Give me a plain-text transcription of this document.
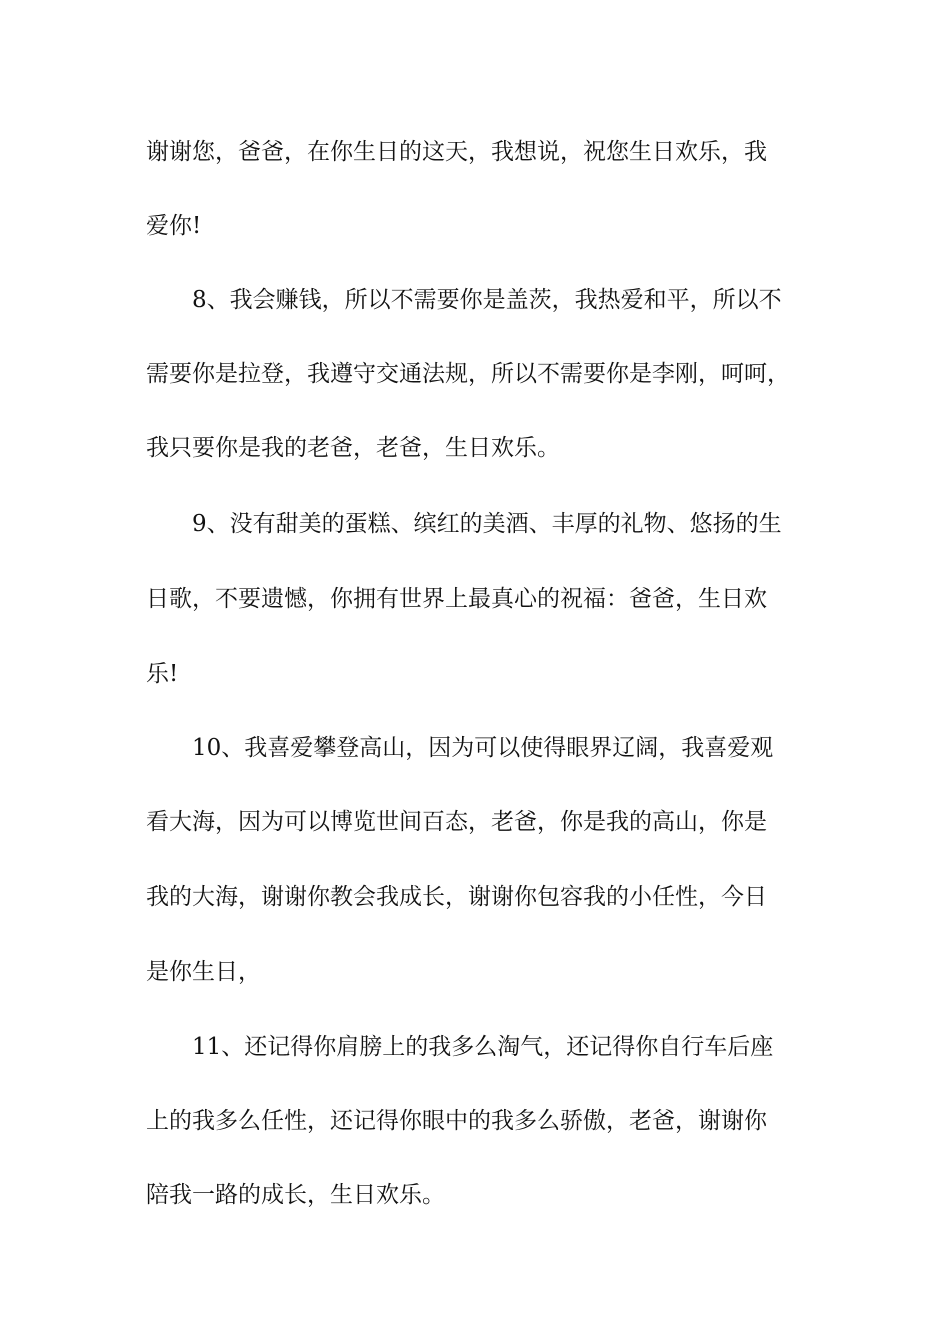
谢谢您，爸爸，在你生日的这天，我想说，祝您生日欢乐，我
爱你!
8、我会赚钱，所以不需要你是盖茨，我热爱和平，所以不
需要你是拉登，我遵守交通法规，所以不需要你是李刚，呵呵，
我只要你是我的老爸，老爸，生日欢乐。
9、没有甜美的蛋糕、缤红的美酒、丰厚的礼物、悠扬的生
日歌，不要遗憾，你拥有世界上最真心的祝福：爸爸，生日欢
乐!
10、我喜爱攀登高山，因为可以使得眼界辽阔，我喜爱观
看大海，因为可以博览世间百态，老爸，你是我的高山，你是
我的大海，谢谢你教会我成长，谢谢你包容我的小任性，今日
是你生日，
11、还记得你肩膀上的我多么淘气，还记得你自行车后座
上的我多么任性，还记得你眼中的我多么骄傲，老爸，谢谢你
陪我一路的成长，生日欢乐。
